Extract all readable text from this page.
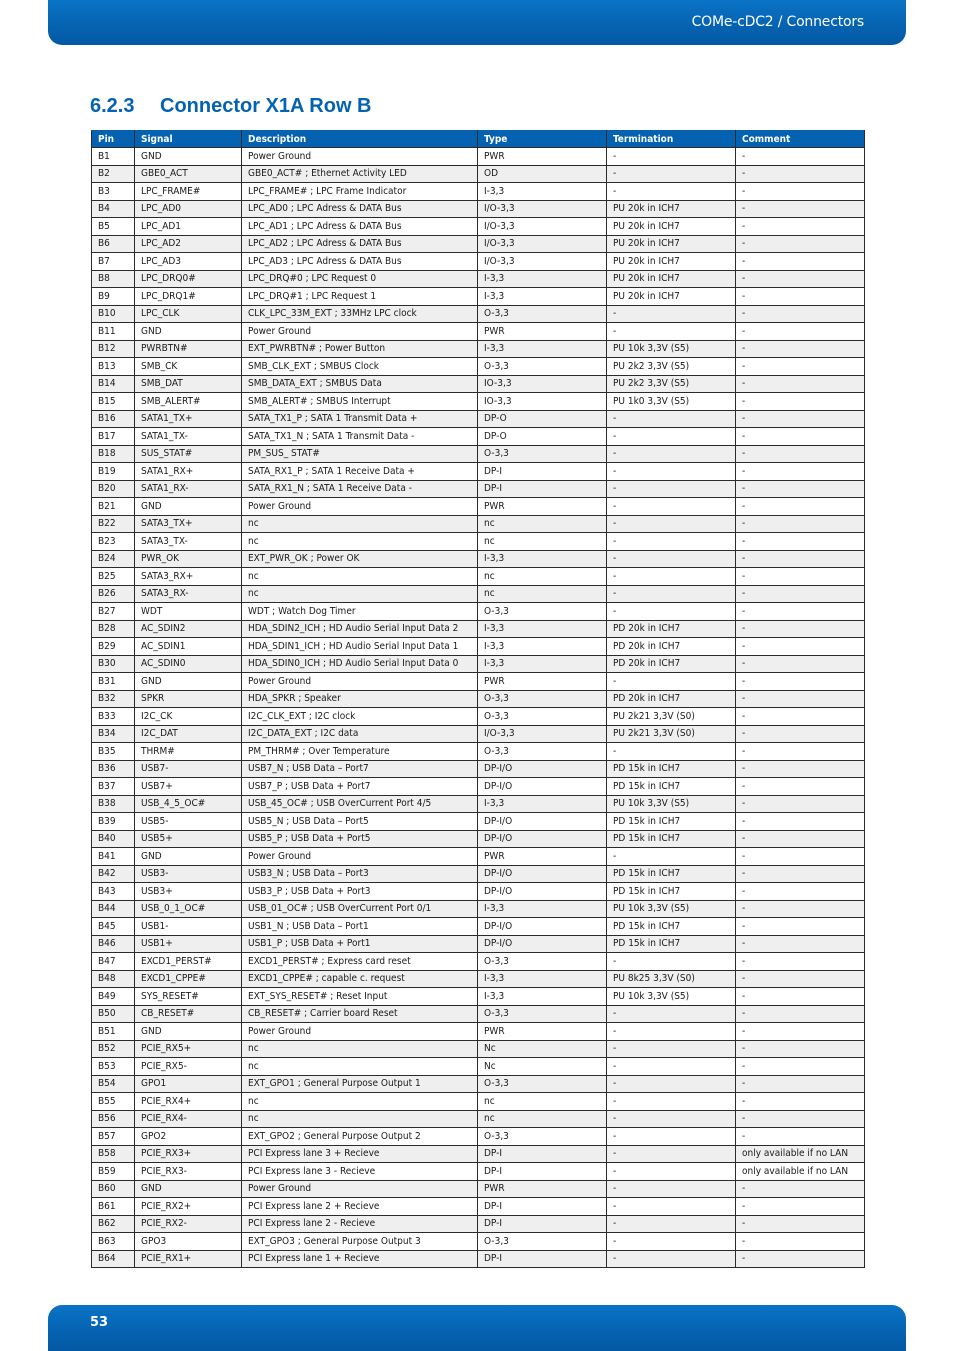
COMe-cDC2 / Connectors
6.2.3 Connector X1A Row B
Pin	Signal	Description	Type	Termination	Comment
B1	GND	Power Ground	PWR	-	-
B2	GBE0_ACT	GBE0_ACT# ; Ethernet Activity LED	OD	-	-
B3	LPC_FRAME#	LPC_FRAME# ; LPC Frame Indicator	I-3,3	-	-
B4	LPC_AD0	LPC_AD0 ; LPC Adress & DATA Bus	I/O-3,3	PU 20k in ICH7	-
B5	LPC_AD1	LPC_AD1 ; LPC Adress & DATA Bus	I/O-3,3	PU 20k in ICH7	-
B6	LPC_AD2	LPC_AD2 ; LPC Adress & DATA Bus	I/O-3,3	PU 20k in ICH7	-
B7	LPC_AD3	LPC_AD3 ; LPC Adress & DATA Bus	I/O-3,3	PU 20k in ICH7	-
B8	LPC_DRQ0#	LPC_DRQ#0 ; LPC Request 0	I-3,3	PU 20k in ICH7	-
B9	LPC_DRQ1#	LPC_DRQ#1 ; LPC Request 1	I-3,3	PU 20k in ICH7	-
B10	LPC_CLK	CLK_LPC_33M_EXT ; 33MHz LPC clock	O-3,3	-	-
B11	GND	Power Ground	PWR	-	-
B12	PWRBTN#	EXT_PWRBTN# ; Power Button	I-3,3	PU 10k 3,3V (S5)	-
B13	SMB_CK	SMB_CLK_EXT ; SMBUS Clock	O-3,3	PU 2k2 3,3V (S5)	-
B14	SMB_DAT	SMB_DATA_EXT ; SMBUS Data	IO-3,3	PU 2k2 3,3V (S5)	-
B15	SMB_ALERT#	SMB_ALERT# ; SMBUS Interrupt	IO-3,3	PU 1k0 3,3V (S5)	-
B16	SATA1_TX+	SATA_TX1_P ; SATA 1 Transmit Data +	DP-O	-	-
B17	SATA1_TX-	SATA_TX1_N ; SATA 1 Transmit Data -	DP-O	-	-
B18	SUS_STAT#	PM_SUS_ STAT#	O-3,3	-	-
B19	SATA1_RX+	SATA_RX1_P ; SATA 1 Receive Data +	DP-I	-	-
B20	SATA1_RX-	SATA_RX1_N ; SATA 1 Receive Data -	DP-I	-	-
B21	GND	Power Ground	PWR	-	-
B22	SATA3_TX+	nc	nc	-	-
B23	SATA3_TX-	nc	nc	-	-
B24	PWR_OK	EXT_PWR_OK ; Power OK	I-3,3	-	-
B25	SATA3_RX+	nc	nc	-	-
B26	SATA3_RX-	nc	nc	-	-
B27	WDT	WDT ; Watch Dog Timer	O-3,3	-	-
B28	AC_SDIN2	HDA_SDIN2_ICH ; HD Audio Serial Input Data 2	I-3,3	PD 20k in ICH7	-
B29	AC_SDIN1	HDA_SDIN1_ICH ; HD Audio Serial Input Data 1	I-3,3	PD 20k in ICH7	-
B30	AC_SDIN0	HDA_SDIN0_ICH ; HD Audio Serial Input Data 0	I-3,3	PD 20k in ICH7	-
B31	GND	Power Ground	PWR	-	-
B32	SPKR	HDA_SPKR ; Speaker	O-3,3	PD 20k in ICH7	-
B33	I2C_CK	I2C_CLK_EXT ; I2C clock	O-3,3	PU 2k21 3,3V (S0)	-
B34	I2C_DAT	I2C_DATA_EXT ; I2C data	I/O-3,3	PU 2k21 3,3V (S0)	-
B35	THRM#	PM_THRM# ; Over Temperature	O-3,3	-	-
B36	USB7-	USB7_N ; USB Data – Port7	DP-I/O	PD 15k in ICH7	-
B37	USB7+	USB7_P ; USB Data + Port7	DP-I/O	PD 15k in ICH7	-
B38	USB_4_5_OC#	USB_45_OC# ; USB OverCurrent Port 4/5	I-3,3	PU 10k 3,3V (S5)	-
B39	USB5-	USB5_N ; USB Data – Port5	DP-I/O	PD 15k in ICH7	-
B40	USB5+	USB5_P ; USB Data + Port5	DP-I/O	PD 15k in ICH7	-
B41	GND	Power Ground	PWR	-	-
B42	USB3-	USB3_N ; USB Data – Port3	DP-I/O	PD 15k in ICH7	-
B43	USB3+	USB3_P ; USB Data + Port3	DP-I/O	PD 15k in ICH7	-
B44	USB_0_1_OC#	USB_01_OC# ; USB OverCurrent Port 0/1	I-3,3	PU 10k 3,3V (S5)	-
B45	USB1-	USB1_N ; USB Data – Port1	DP-I/O	PD 15k in ICH7	-
B46	USB1+	USB1_P ; USB Data + Port1	DP-I/O	PD 15k in ICH7	-
B47	EXCD1_PERST#	EXCD1_PERST# ; Express card reset	O-3,3	-	-
B48	EXCD1_CPPE#	EXCD1_CPPE# ; capable c. request	I-3,3	PU 8k25 3,3V (S0)	-
B49	SYS_RESET#	EXT_SYS_RESET# ; Reset Input	I-3,3	PU 10k 3,3V (S5)	-
B50	CB_RESET#	CB_RESET# ; Carrier board Reset	O-3,3	-	-
B51	GND	Power Ground	PWR	-	-
B52	PCIE_RX5+	nc	Nc	-	-
B53	PCIE_RX5-	nc	Nc	-	-
B54	GPO1	EXT_GPO1 ; General Purpose Output 1	O-3,3	-	-
B55	PCIE_RX4+	nc	nc	-	-
B56	PCIE_RX4-	nc	nc	-	-
B57	GPO2	EXT_GPO2 ; General Purpose Output 2	O-3,3	-	-
B58	PCIE_RX3+	PCI Express lane 3 + Recieve	DP-I	-	only available if no LAN
B59	PCIE_RX3-	PCI Express lane 3 - Recieve	DP-I	-	only available if no LAN
B60	GND	Power Ground	PWR	-	-
B61	PCIE_RX2+	PCI Express lane 2 + Recieve	DP-I	-	-
B62	PCIE_RX2-	PCI Express lane 2 - Recieve	DP-I	-	-
B63	GPO3	EXT_GPO3 ; General Purpose Output 3	O-3,3	-	-
B64	PCIE_RX1+	PCI Express lane 1 + Recieve	DP-I	-	-
53
